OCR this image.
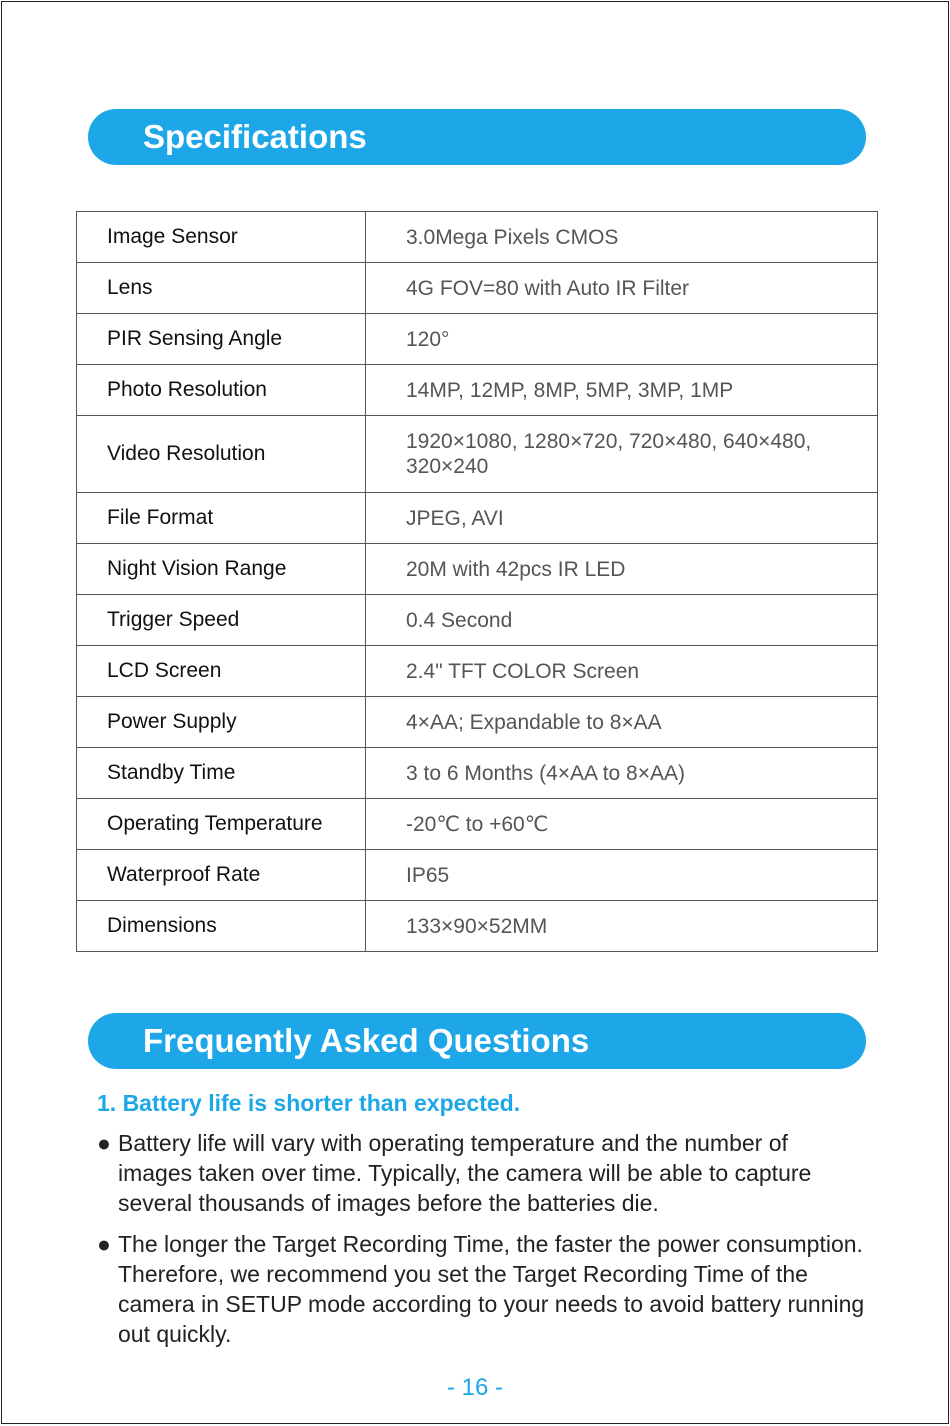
Specifications
Image Sensor	3.0Mega Pixels CMOS
Lens	4G FOV=80 with Auto IR Filter
PIR Sensing Angle	120°
Photo Resolution	14MP, 12MP, 8MP, 5MP, 3MP, 1MP
Video Resolution	1920×1080, 1280×720, 720×480, 640×480, 320×240
File Format	JPEG, AVI
Night Vision Range	20M with 42pcs IR LED
Trigger Speed	0.4 Second
LCD Screen	2.4" TFT COLOR Screen
Power Supply	4×AA; Expandable to 8×AA
Standby Time	3 to 6 Months (4×AA to 8×AA)
Operating Temperature	-20℃ to +60℃
Waterproof Rate	IP65
Dimensions	133×90×52MM
Frequently Asked Questions
1. Battery life is shorter than expected.
● Battery life will vary with operating temperature and the number of images taken over time. Typically, the camera will be able to capture several thousands of images before the batteries die.
● The longer the Target Recording Time, the faster the power consumption. Therefore, we recommend you set the Target Recording Time of the camera in SETUP mode according to your needs to avoid battery running out quickly.
- 16 -
